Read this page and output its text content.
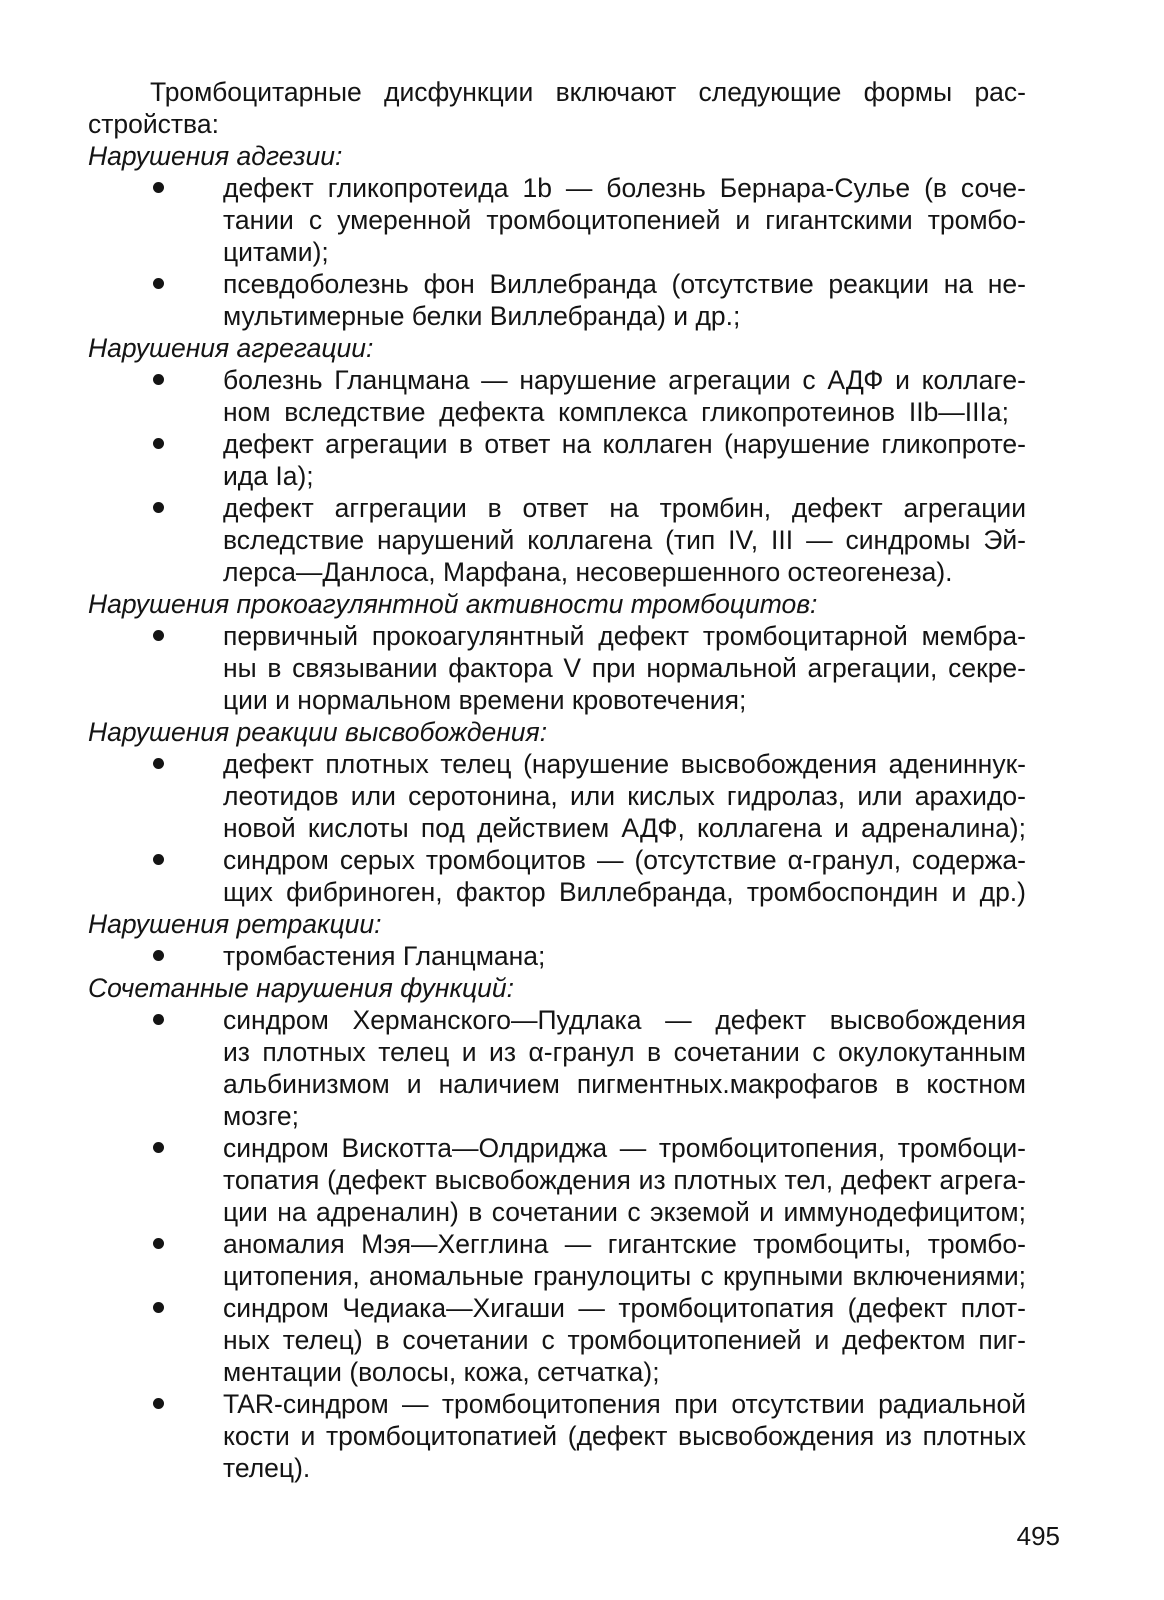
Тромбоцитарные дисфункции включают следующие формы рас-

стройства:

Нарушения адгезии:

дефект гликопротеида 1b — болезнь Бернара-Сулье (в соче-

тании с умеренной тромбоцитопенией и гигантскими тромбо-

цитами);

псевдоболезнь фон Виллебранда (отсутствие реакции на не-

мультимерные белки Виллебранда) и др.;

Нарушения агрегации:

болезнь Гланцмана — нарушение агрегации с АДФ и коллаге-

ном вследствие дефекта комплекса гликопротеинов IIb—IIIa;

дефект агрегации в ответ на коллаген (нарушение гликопроте-

ида Ia);

дефект аггрегации в ответ на тромбин, дефект агрегации

вследствие нарушений коллагена (тип IV, III — синдромы Эй-

лерса—Данлоса, Марфана, несовершенного остеогенеза).

Нарушения прокоагулянтной активности тромбоцитов:

первичный прокоагулянтный дефект тромбоцитарной мембра-

ны в связывании фактора V при нормальной агрегации, секре-

ции и нормальном времени кровотечения;

Нарушения реакции высвобождения:

дефект плотных телец (нарушение высвобождения адениннук-

леотидов или серотонина, или кислых гидролаз, или арахидо-

новой кислоты под действием АДФ, коллагена и адреналина);

синдром серых тромбоцитов — (отсутствие α-гранул, содержа-

щих фибриноген, фактор Виллебранда, тромбоспондин и др.)

Нарушения ретракции:

тромбастения Гланцмана;

Сочетанные нарушения функций:

синдром Херманского—Пудлака — дефект высвобождения

из плотных телец и из α-гранул в сочетании с окулокутанным

альбинизмом и наличием пигментных.макрофагов в костном

мозге;

синдром Вискотта—Олдриджа — тромбоцитопения, тромбоци-

топатия (дефект высвобождения из плотных тел, дефект агрега-

ции на адреналин) в сочетании с экземой и иммунодефицитом;

аномалия Мэя—Хегглина — гигантские тромбоциты, тромбо-

цитопения, аномальные гранулоциты с крупными включениями;

синдром Чедиака—Хигаши — тромбоцитопатия (дефект плот-

ных телец) в сочетании с тромбоцитопенией и дефектом пиг-

ментации (волосы, кожа, сетчатка);

TAR-синдром — тромбоцитопения при отсутствии радиальной

кости и тромбоцитопатией (дефект высвобождения из плотных

телец).

495
